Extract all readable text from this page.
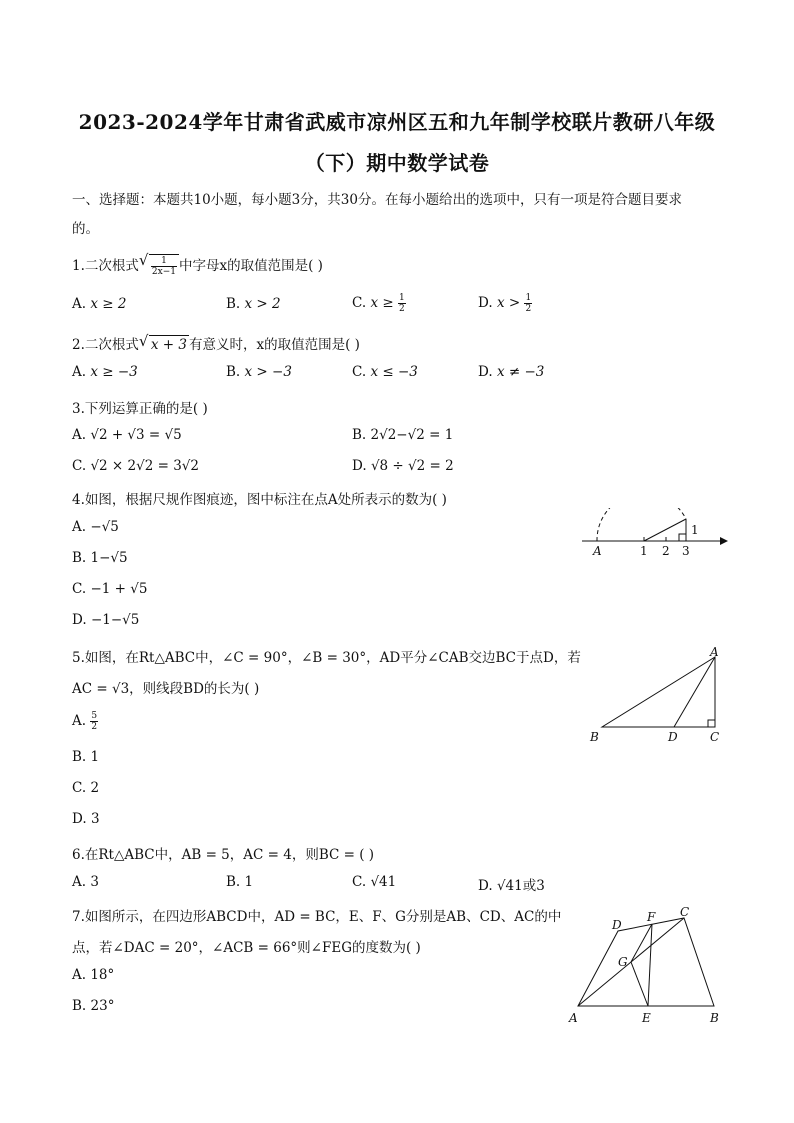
2023-2024学年甘肃省武威市凉州区五和九年制学校联片教研八年级
（下）期中数学试卷
一、选择题：本题共10小题，每小题3分，共30分。在每小题给出的选项中，只有一项是符合题目要求
的。
1.二次根式 √ $\frac{1}{2x-1}$ 中字母x的取值范围是( )
A. x ≥ 2	B. x > 2	C. $x \ge \frac{1}{2}$	D. $x > \frac{1}{2}$
2.二次根式 √ x + 3 有意义时，x的取值范围是( )
A. x ≥ −3	B. x > −3	C. x ≤ −3	D. x ≠ −3
3.下列运算正确的是( )
A. √2 + √3 = √5	B. 2√2−√2 = 1
C. √2 × 2√2 = 3√2	D. √8 ÷ √2 = 2
4.如图，根据尺规作图痕迹，图中标注在点A处所表示的数为( )
A. −√5
B. 1−√5
C. −1 + √5
D. −1−√5
A	1 2 3
1
5.如图，在Rt△ABC中，∠C = 90°，∠B = 30°，AD平分∠CAB交边BC于点D，若
AC = √3，则线段BD的长为( )
A. $\frac{5}{2}$
B. 1
C. 2
D. 3
A
B	C
D
6.在Rt△ABC中，AB = 5，AC = 4，则BC = ( )
A. 3	B. 1	C. √41	D. √41或3
7.如图所示，在四边形ABCD中，AD = BC，E、F、G分别是AB、CD、AC的中
点，若∠DAC = 20°，∠ACB = 66°则∠FEG的度数为( )
A. 18°
B. 23°
A	B
C
D
E
F
G
